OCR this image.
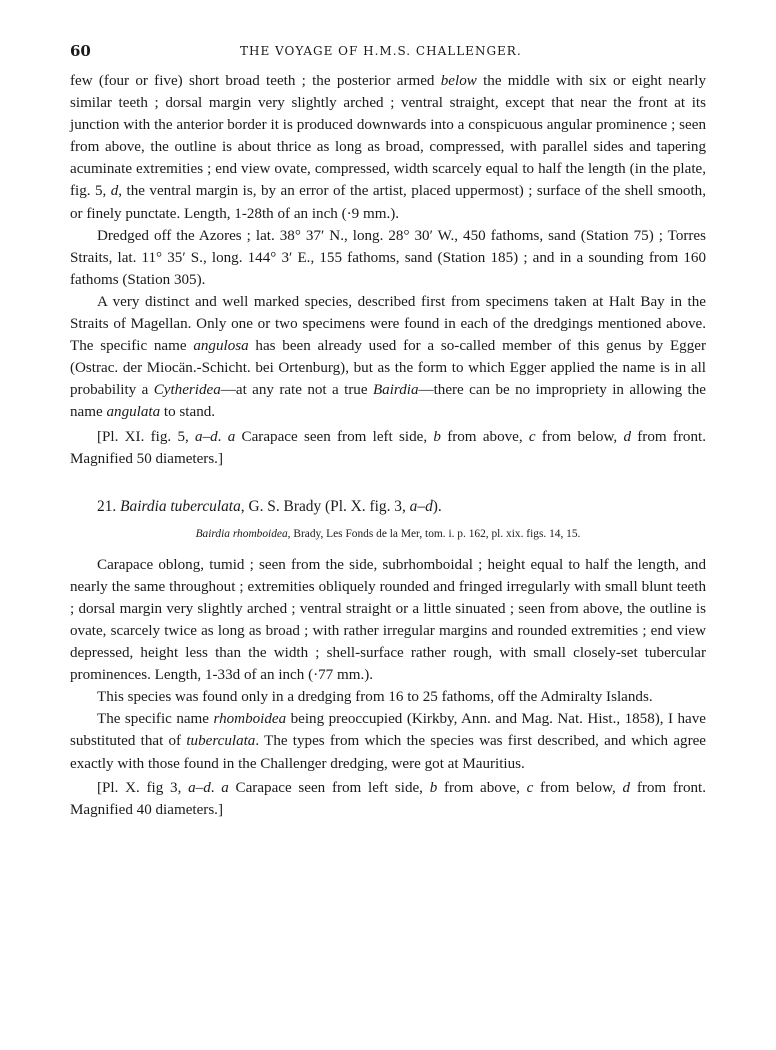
60	THE VOYAGE OF H.M.S. CHALLENGER.

few (four or five) short broad teeth ; the posterior armed below the middle with six or eight nearly similar teeth ; dorsal margin very slightly arched ; ventral straight, except that near the front at its junction with the anterior border it is produced downwards into a conspicuous angular prominence ; seen from above, the outline is about thrice as long as broad, compressed, with parallel sides and tapering acuminate extremities ; end view ovate, compressed, width scarcely equal to half the length (in the plate, fig. 5, d, the ventral margin is, by an error of the artist, placed uppermost) ; surface of the shell smooth, or finely punctate. Length, 1-28th of an inch (·9 mm.).

Dredged off the Azores ; lat. 38° 37′ N., long. 28° 30′ W., 450 fathoms, sand (Station 75) ; Torres Straits, lat. 11° 35′ S., long. 144° 3′ E., 155 fathoms, sand (Station 185) ; and in a sounding from 160 fathoms (Station 305).

A very distinct and well marked species, described first from specimens taken at Halt Bay in the Straits of Magellan. Only one or two specimens were found in each of the dredgings mentioned above. The specific name angulosa has been already used for a so-called member of this genus by Egger (Ostrac. der Miocän.-Schicht. bei Ortenburg), but as the form to which Egger applied the name is in all probability a Cytheridea—at any rate not a true Bairdia—there can be no impropriety in allowing the name angulata to stand.

[Pl. XI. fig. 5, a–d. a Carapace seen from left side, b from above, c from below, d from front. Magnified 50 diameters.]

21. Bairdia tuberculata, G. S. Brady (Pl. X. fig. 3, a–d).
Bairdia rhomboidea, Brady, Les Fonds de la Mer, tom. i. p. 162, pl. xix. figs. 14, 15.

Carapace oblong, tumid ; seen from the side, subrhomboidal ; height equal to half the length, and nearly the same throughout ; extremities obliquely rounded and fringed irregularly with small blunt teeth ; dorsal margin very slightly arched ; ventral straight or a little sinuated ; seen from above, the outline is ovate, scarcely twice as long as broad ; with rather irregular margins and rounded extremities ; end view depressed, height less than the width ; shell-surface rather rough, with small closely-set tubercular prominences. Length, 1-33d of an inch (·77 mm.).

This species was found only in a dredging from 16 to 25 fathoms, off the Admiralty Islands.

The specific name rhomboidea being preoccupied (Kirkby, Ann. and Mag. Nat. Hist., 1858), I have substituted that of tuberculata. The types from which the species was first described, and which agree exactly with those found in the Challenger dredging, were got at Mauritius.

[Pl. X. fig 3, a–d. a Carapace seen from left side, b from above, c from below, d from front. Magnified 40 diameters.]
